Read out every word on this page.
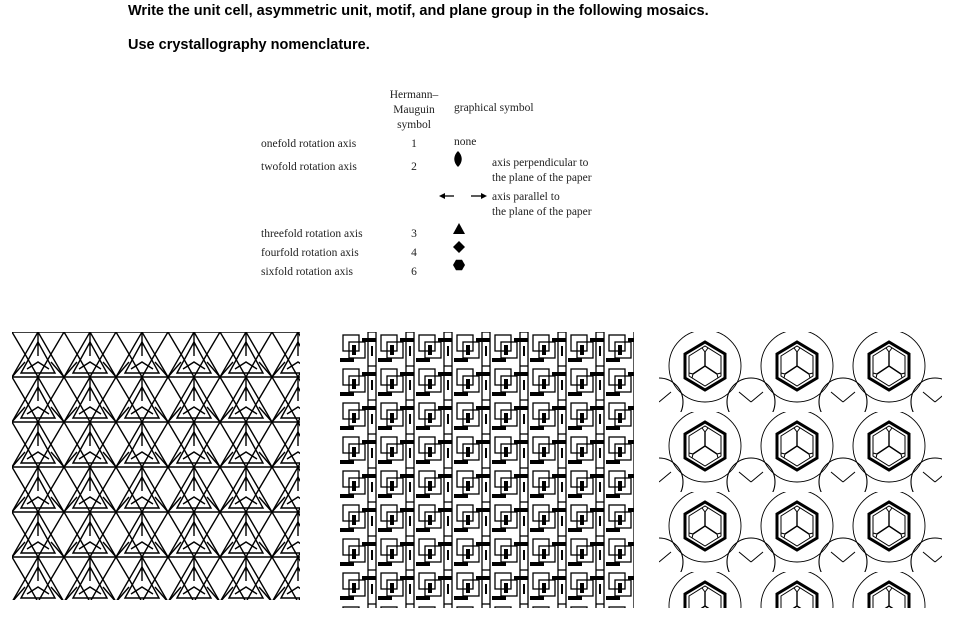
Write the unit cell, asymmetric unit, motif, and plane group in the following mosaics.
Use crystallography nomenclature.
Hermann–
Mauguin
symbol
graphical symbol
onefold rotation axis	1	none
twofold rotation axis	2	axis perpendicular to
the plane of the paper
axis parallel to
the plane of the paper
threefold rotation axis	3
fourfold rotation axis	4
sixfold rotation axis	6
